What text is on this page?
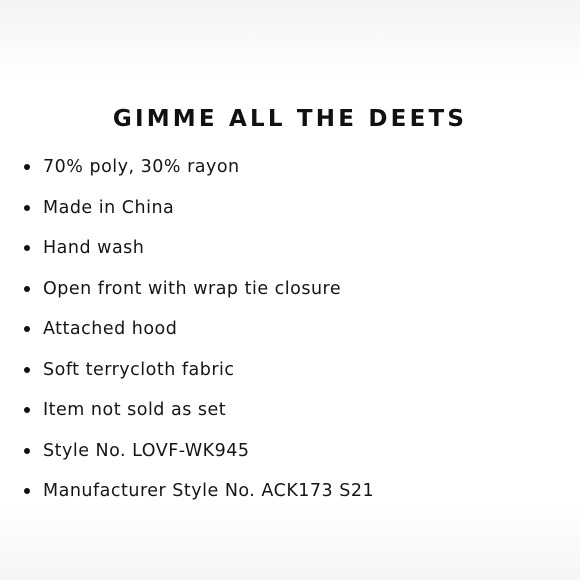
GIMME ALL THE DEETS
70% poly, 30% rayon
Made in China
Hand wash
Open front with wrap tie closure
Attached hood
Soft terrycloth fabric
Item not sold as set
Style No. LOVF-WK945
Manufacturer Style No. ACK173 S21
